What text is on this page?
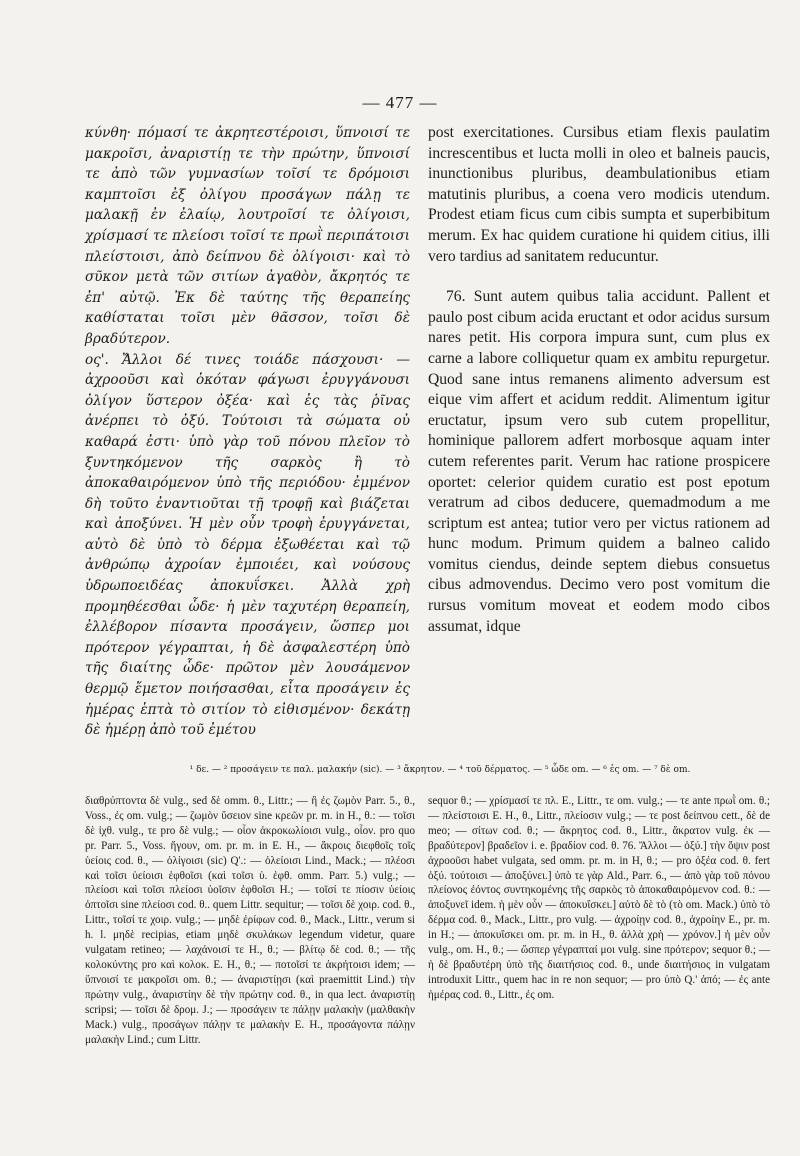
— 477 —

κύνθη· πόμασί τε ἀκρητεστέροισι, ὕπνοισί τε μακροῖσι, ἀναριστίῃ τε τὴν πρώτην, ὕπνοισί τε ἀπὸ τῶν γυμνασίων τοῖσί τε δρόμοισι καμπτοῖσι ἐξ ὀλίγου προσάγων πάλῃ τε μαλακῇ ἐν ἐλαίῳ, λουτροῖσί τε ὀλίγοισι, χρίσμασί τε πλείοσι τοῖσί τε πρωῒ περιπάτοισι πλείστοισι, ἀπὸ δείπνου δὲ ὀλίγοισι· καὶ τὸ σῦκον μετὰ τῶν σιτίων ἀγαθὸν, ἄκρητός τε ἐπ' αὐτῷ. Ἐκ δὲ ταύτης τῆς θεραπείης καθίσταται τοῖσι μὲν θᾶσσον, τοῖσι δὲ βραδύτερον.

ος'. Ἄλλοι δέ τινες τοιάδε πάσχουσι· — ἀχροοῦσι καὶ ὁκόταν φάγωσι ἐρυγγάνουσι ὀλίγον ὕστερον ὀξέα· καὶ ἐς τὰς ῥῖνας ἀνέρπει τὸ ὀξύ. Τούτοισι τὰ σώματα οὐ καθαρά ἐστι· ὑπὸ γὰρ τοῦ πόνου πλεῖον τὸ ξυντηκόμενον τῆς σαρκὸς ἢ τὸ ἀποκαθαιρόμενον ὑπὸ τῆς περιόδου· ἐμμένον δὴ τοῦτο ἐναντιοῦται τῇ τροφῇ καὶ βιάζεται καὶ ἀποξύνει. Ἡ μὲν οὖν τροφὴ ἐρυγγάνεται, αὐτὸ δὲ ὑπὸ τὸ δέρμα ἐξωθέεται καὶ τῷ ἀνθρώπῳ ἀχροίαν ἐμποιέει, καὶ νούσους ὑδρωποειδέας ἀποκυΐσκει. Ἀλλὰ χρὴ προμηθέεσθαι ὧδε· ἡ μὲν ταχυτέρη θεραπείη, ἐλλέβορον πίσαντα προσάγειν, ὥσπερ μοι πρότερον γέγραπται, ἡ δὲ ἀσφαλεστέρη ὑπὸ τῆς διαίτης ὧδε· πρῶτον μὲν λουσάμενον θερμῷ ἔμετον ποιήσασθαι, εἶτα προσάγειν ἐς ἡμέρας ἑπτὰ τὸ σιτίον τὸ εἰθισμένον· δεκάτῃ δὲ ἡμέρῃ ἀπὸ τοῦ ἐμέτου

post exercitationes. Cursibus etiam flexis paulatim increscentibus et lucta molli in oleo et balneis paucis, inunctionibus pluribus, deambulationibus etiam matutinis pluribus, a coena vero modicis utendum. Prodest etiam ficus cum cibis sumpta et superbibitum merum. Ex hac quidem curatione hi quidem citius, illi vero tardius ad sanitatem reducuntur.

76. Sunt autem quibus talia accidunt. Pallent et paulo post cibum acida eructant et odor acidus sursum nares petit. His corpora impura sunt, cum plus ex carne a labore colliquetur quam ex ambitu repurgetur. Quod sane intus remanens alimento adversum est eique vim affert et acidum reddit. Alimentum igitur eructatur, ipsum vero sub cutem propellitur, hominique pallorem adfert morbosque aquam inter cutem referentes parit. Verum hac ratione prospicere oportet: celerior quidem curatio est post epotum veratrum ad cibos deducere, quemadmodum a me scriptum est antea; tutior vero per victus rationem ad hunc modum. Primum quidem a balneo calido vomitus ciendus, deinde septem diebus consuetus cibus admovendus. Decimo vero post vomitum die rursus vomitum moveat et eodem modo cibos assumat, idque

¹ δε. — ² προσάγειν τε παλ. μαλακήν (sic). — ³ ἄκρητον. — ⁴ τοῦ δέρματος. — ⁵ ὧδε om. — ⁶ ἐς om. — ⁷ δὲ om.

διαθρύπτοντα δὲ vulg., sed δὲ omm. θ., Littr.; — ἢ ἐς ζωμὸν Parr. 5., θ., Voss., ἐς om. vulg.; — ζωμὸν ὕσειον sine κρεῶν pr. m. in H., θ.: — τοῖσι δὲ ἰχθ. vulg., τε pro δὲ vulg.; — οἷον ἀκροκωλίοισι vulg., οἷον. pro quo pr. Parr. 5., Voss. ἤγουν, om. pr. m. in E. H., — ἄκροις διεφθοῖς τοῖς ὑείοις cod. θ., — ὀλίγοισι (sic) Q'.: — ὀλείοισι Lind., Mack.; — πλέοσι καὶ τοῖσι ὑείοισι ἑφθοῖσι (καὶ τοῖσι ὑ. ἑφθ. omm. Parr. 5.) vulg.; — πλείοσι καὶ τοῖσι πλείοσι ὑοῖσιν ἑφθοῖσι H.; — τοῖσί τε πίοσιν ὑείοις ὀπτοῖσι sine πλείοσι cod. θ.. quem Littr. sequitur; — τοῖσι δὲ χοιρ. cod. θ., Littr., τοῖσί τε χοιρ. vulg.; — μηδὲ ἐρίφων cod. θ., Mack., Littr., verum si h. l. μηδὲ recipias, etiam μηδὲ σκυλάκων legendum videtur, quare vulgatam retineo; — λαχάνοισί τε H., θ.; — βλίτῳ δὲ cod. θ.; — τῆς κολοκύντης pro καὶ κολοκ. E. H., θ.; — ποτοῖσί τε ἀκρήτοισι idem; — ὕπνοισί τε μακροῖσι om. θ.; — ἀναριστίῃσι (καὶ praemittit Lind.) τὴν πρώτην vulg., ἀναριστίην δὲ τὴν πρώτην cod. θ., in qua lect. ἀναριστίῃ scripsi; — τοῖσι δὲ δρομ. J.; — προσάγειν τε πάλῃν μαλακὴν (μαλθακὴν Mack.) vulg., προσάγων πάλῃν τε μαλακὴν E. H., προσάγοντα πάλῃν μαλακὴν Lind.; cum Littr.

sequor θ.; — χρίσμασί τε πλ. E., Littr., τε om. vulg.; — τε ante πρωῒ om. θ.; — πλείστοισι E. H., θ., Littr., πλείοσιν vulg.; — τε post δείπνου cett., δὲ de meo; — σίτων cod. θ.; — ἄκρητος cod. θ., Littr., ἄκρατον vulg. ἐκ — βραδύτερον] βραδεῖον i. e. βραδίον cod. θ. 76. Ἄλλοι — ὀξύ.] τὴν ὄψιν post ἀχροοῦσι habet vulgata, sed omm. pr. m. in H, θ.; — pro ὀξέα cod. θ. fert ὀξύ. τούτοισι — ἀποξύνει.] ὑπὸ τε γὰρ Ald., Parr. 6., — ἀπὸ γὰρ τοῦ πόνου πλείονος ἐόντος συντηκομένης τῆς σαρκὸς τὸ ἀποκαθαιρόμενον cod. θ.: — ἀποξυνεῖ idem. ἡ μὲν οὖν — ἀποκυΐσκει.] αὐτὸ δὲ τὸ (τὸ om. Mack.) ὑπὸ τὸ δέρμα cod. θ., Mack., Littr., pro vulg. — ἀχροίῃν cod. θ., ἀχροίην E., pr. m. in H.; — ἀποκυΐσκει om. pr. m. in H., θ. ἀλλὰ χρὴ — χρόνον.] ἡ μὲν οὖν vulg., om. H., θ.; — ὥσπερ γέγραπταί μοι vulg. sine πρότερον; sequor θ.; — ἡ δὲ βραδυτέρη ὑπὸ τῆς διαιτήσιος cod. θ., unde διαιτήσιος in vulgatam introduxit Littr., quem hac in re non sequor; — pro ὑπὸ Q.' ἀπό; — ἐς ante ἡμέρας cod. θ., Littr., ἐς om.
